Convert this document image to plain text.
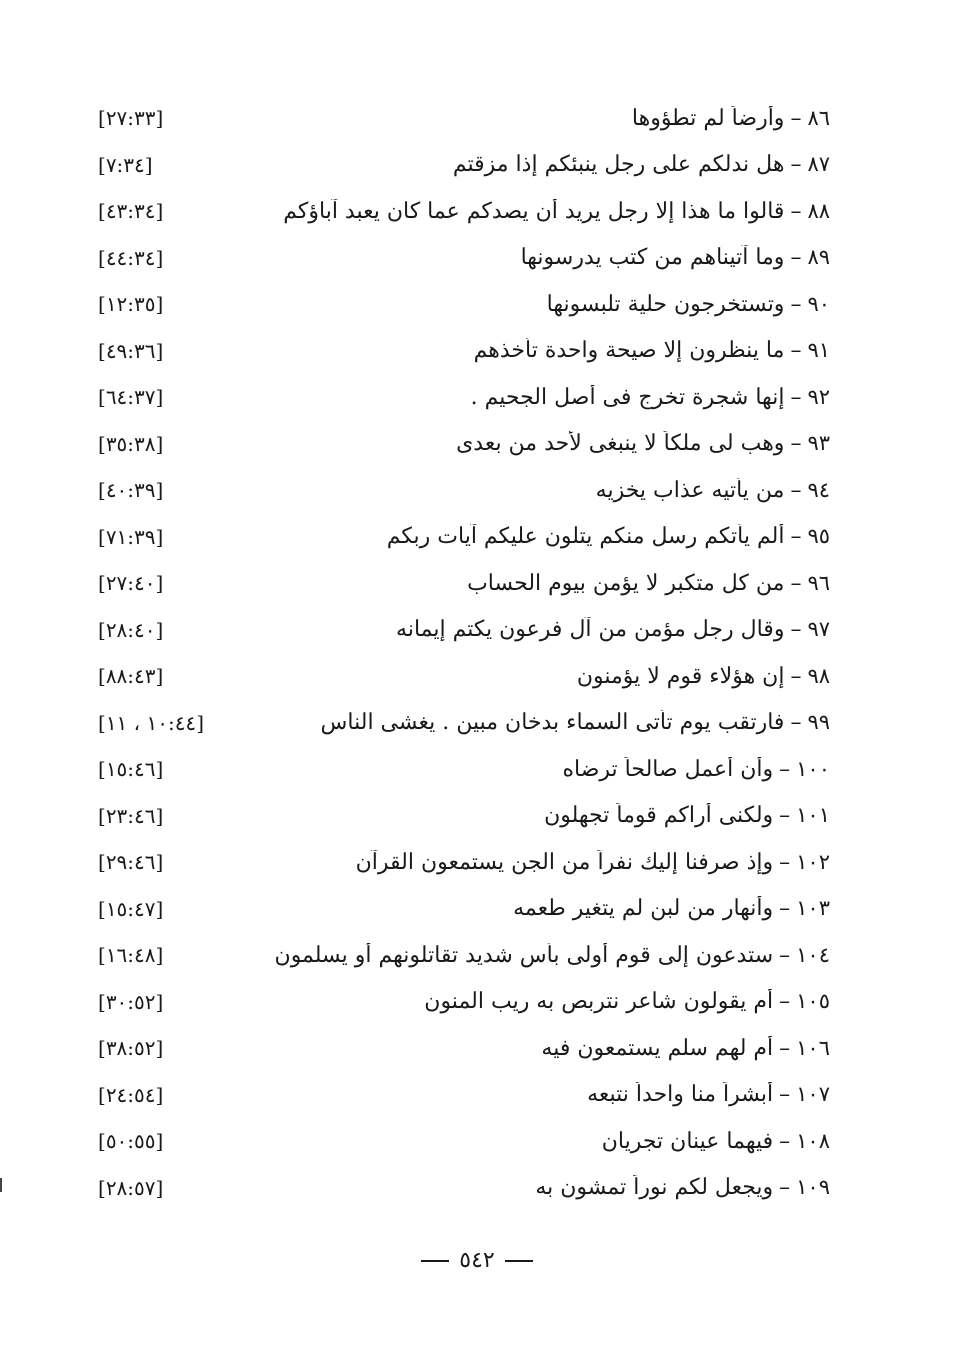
[٢٧:٣٣]	٨٦–وأرضاً لم تطؤوها
[٧:٣٤]	٨٧–هل ندلكم على رجل ينبئكم إذا مزقتم
[٤٣:٣٤]	٨٨–قالوا ما هذا إلا رجل يريد أن يصدكم عما كان يعبد آباؤكم
[٤٤:٣٤]	٨٩–وما آتيناهم من كتب يدرسونها
[١٢:٣٥]	٩٠–وتستخرجون حلية تلبسونها
[٤٩:٣٦]	٩١–ما ينظرون إلا صيحة واحدة تأخذهم
[٦٤:٣٧]	٩٢–إنها شجرة تخرج فى أصل الجحيم .
[٣٥:٣٨]	٩٣–وهب لى ملكاً لا ينبغى لأحد من بعدى
[٤٠:٣٩]	٩٤–من يأتيه عذاب يخزيه
[٧١:٣٩]	٩٥–ألم يأتكم رسل منكم يتلون عليكم آيات ربكم
[٢٧:٤٠]	٩٦–من كل متكبر لا يؤمن بيوم الحساب
[٢٨:٤٠]	٩٧–وقال رجل مؤمن من آل فرعون يكتم إيمانه
[٨٨:٤٣]	٩٨–إن هؤلاء قوم لا يؤمنون
[١٠:٤٤ ، ١١]	٩٩–فارتقب يوم تأتى السماء بدخان مبين . يغشى الناس
[١٥:٤٦]	١٠٠–وأن أعمل صالحاً ترضاه
[٢٣:٤٦]	١٠١–ولكنى أراكم قوماً تجهلون
[٢٩:٤٦]	١٠٢–وإذ صرفنا إليك نفراً من الجن يستمعون القرآن
[١٥:٤٧]	١٠٣–وأنهار من لبن لم يتغير طعمه
[١٦:٤٨]	١٠٤–ستدعون إلى قوم أولى بأس شديد تقاتلونهم أو يسلمون
[٣٠:٥٢]	١٠٥–أم يقولون شاعر نتربص به ريب المنون
[٣٨:٥٢]	١٠٦–أم لهم سلم يستمعون فيه
[٢٤:٥٤]	١٠٧–أبشراً منا واحداً نتبعه
[٥٠:٥٥]	١٠٨–فيهما عينان تجريان
[٢٨:٥٧]	١٠٩–ويجعل لكم نوراً تمشون به
٥٤٢
